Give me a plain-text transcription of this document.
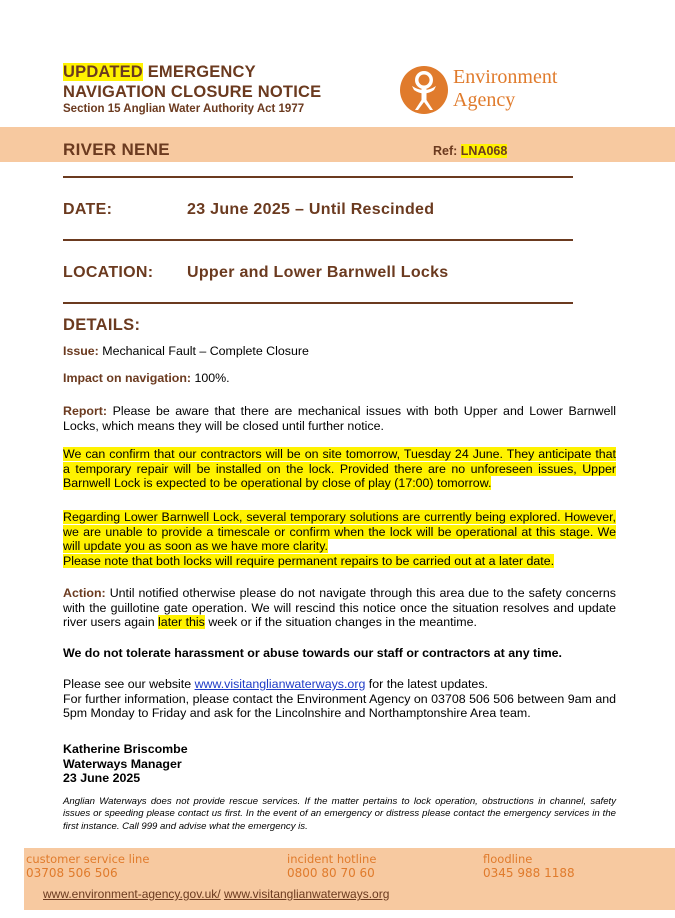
UPDATED EMERGENCY
NAVIGATION CLOSURE NOTICE
Section 15 Anglian Water Authority Act 1977
Environment
Agency
RIVER NENE	Ref: LNA068
DATE:	23 June 2025 – Until Rescinded
LOCATION: Upper and Lower Barnwell Locks
DETAILS:
Issue: Mechanical Fault – Complete Closure
Impact on navigation: 100%.
Report: Please be aware that there are mechanical issues with both Upper and Lower Barnwell Locks, which means they will be closed until further notice.
We can confirm that our contractors will be on site tomorrow, Tuesday 24 June. They anticipate that a temporary repair will be installed on the lock. Provided there are no unforeseen issues, Upper Barnwell Lock is expected to be operational by close of play (17:00) tomorrow.
Regarding Lower Barnwell Lock, several temporary solutions are currently being explored. However, we are unable to provide a timescale or confirm when the lock will be operational at this stage. We will update you as soon as we have more clarity.
Please note that both locks will require permanent repairs to be carried out at a later date.
Action: Until notified otherwise please do not navigate through this area due to the safety concerns with the guillotine gate operation. We will rescind this notice once the situation resolves and update river users again later this week or if the situation changes in the meantime.
We do not tolerate harassment or abuse towards our staff or contractors at any time.
Please see our website www.visitanglianwaterways.org for the latest updates.
For further information, please contact the Environment Agency on 03708 506 506 between 9am and 5pm Monday to Friday and ask for the Lincolnshire and Northamptonshire Area team.
Katherine Briscombe
Waterways Manager
23 June 2025
Anglian Waterways does not provide rescue services. If the matter pertains to lock operation, obstructions in channel, safety issues or speeding please contact us first. In the event of an emergency or distress please contact the emergency services in the first instance. Call 999 and advise what the emergency is.
customer service line
03708 506 506
incident hotline
0800 80 70 60
floodline
0345 988 1188
www.environment-agency.gov.uk/ www.visitanglianwaterways.org
